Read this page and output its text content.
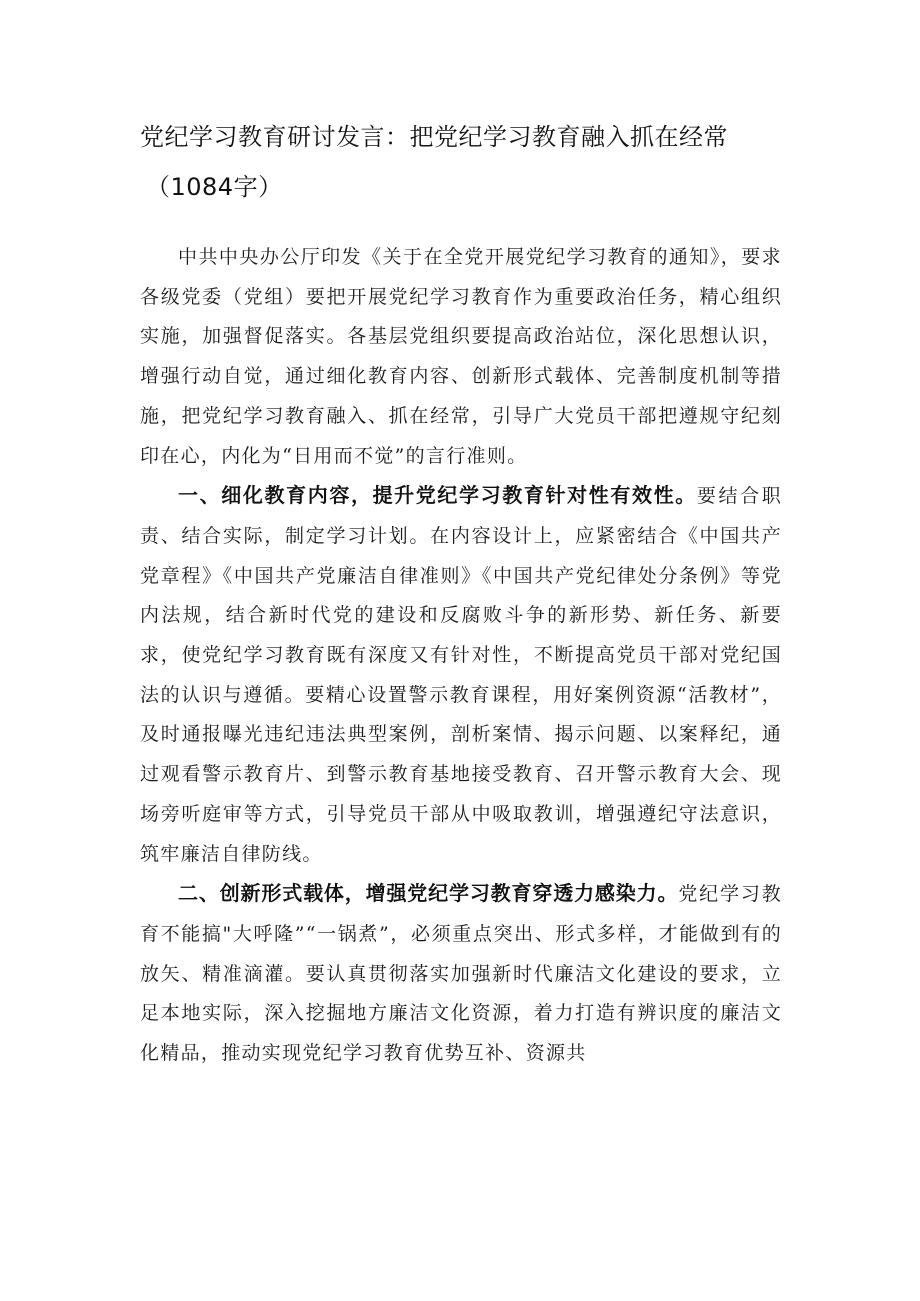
党纪学习教育研讨发言：把党纪学习教育融入抓在经常
（1084字）

中共中央办公厅印发《关于在全党开展党纪学习教育的通知》，要求各级党委（党组）要把开展党纪学习教育作为重要政治任务，精心组织实施，加强督促落实。各基层党组织要提高政治站位，深化思想认识，增强行动自觉，通过细化教育内容、创新形式载体、完善制度机制等措施，把党纪学习教育融入、抓在经常，引导广大党员干部把遵规守纪刻印在心，内化为“日用而不觉”的言行准则。

一、细化教育内容，提升党纪学习教育针对性有效性。要结合职责、结合实际，制定学习计划。在内容设计上，应紧密结合《中国共产党章程》《中国共产党廉洁自律准则》《中国共产党纪律处分条例》等党内法规，结合新时代党的建设和反腐败斗争的新形势、新任务、新要求，使党纪学习教育既有深度又有针对性，不断提高党员干部对党纪国法的认识与遵循。要精心设置警示教育课程，用好案例资源“活教材”，及时通报曝光违纪违法典型案例，剖析案情、揭示问题、以案释纪，通过观看警示教育片、到警示教育基地接受教育、召开警示教育大会、现场旁听庭审等方式，引导党员干部从中吸取教训，增强遵纪守法意识，筑牢廉洁自律防线。

二、创新形式载体，增强党纪学习教育穿透力感染力。党纪学习教育不能搞"大呼隆”“一锅煮”，必须重点突出、形式多样，才能做到有的放矢、精准滴灌。要认真贯彻落实加强新时代廉洁文化建设的要求，立足本地实际，深入挖掘地方廉洁文化资源，着力打造有辨识度的廉洁文化精品，推动实现党纪学习教育优势互补、资源共
